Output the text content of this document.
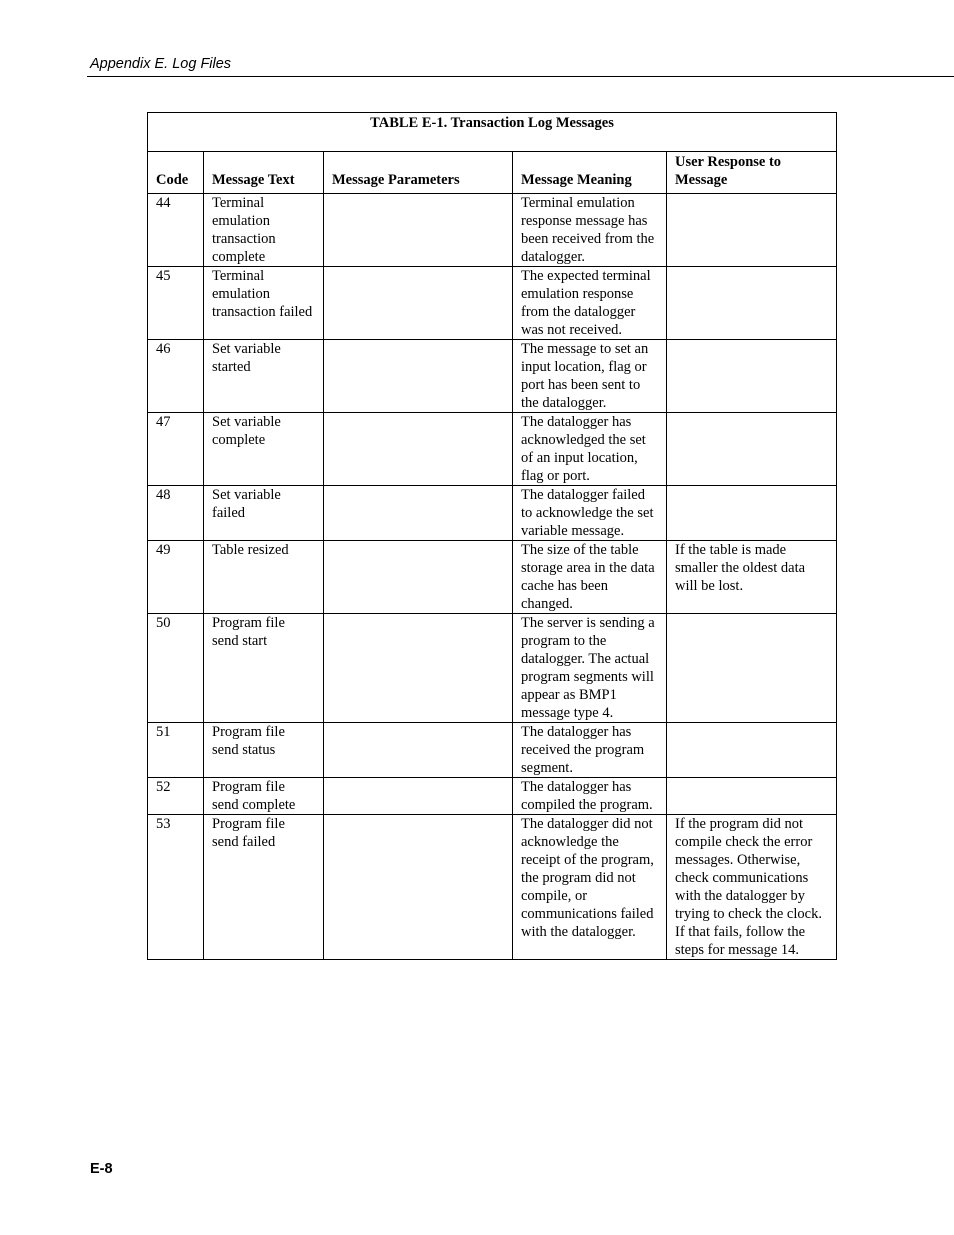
Appendix E. Log Files
TABLE E-1. Transaction Log Messages				
Code	Message Text	Message Parameters	Message Meaning	User Response to Message
44	Terminal emulation transaction complete		Terminal emulation response message has been received from the datalogger.	
45	Terminal emulation transaction failed		The expected terminal emulation response from the datalogger was not received.	
46	Set variable started		The message to set an input location, flag or port has been sent to the datalogger.	
47	Set variable complete		The datalogger has acknowledged the set of an input location, flag or port.	
48	Set variable failed		The datalogger failed to acknowledge the set variable message.	
49	Table resized		The size of the table storage area in the data cache has been changed.	If the table is made smaller the oldest data will be lost.
50	Program file send start		The server is sending a program to the datalogger. The actual program segments will appear as BMP1 message type 4.	
51	Program file send status		The datalogger has received the program segment.	
52	Program file send complete		The datalogger has compiled the program.	
53	Program file send failed		The datalogger did not acknowledge the receipt of the program, the program did not compile, or communications failed with the datalogger.	If the program did not compile check the error messages. Otherwise, check communications with the datalogger by trying to check the clock. If that fails, follow the steps for message 14.
E-8
